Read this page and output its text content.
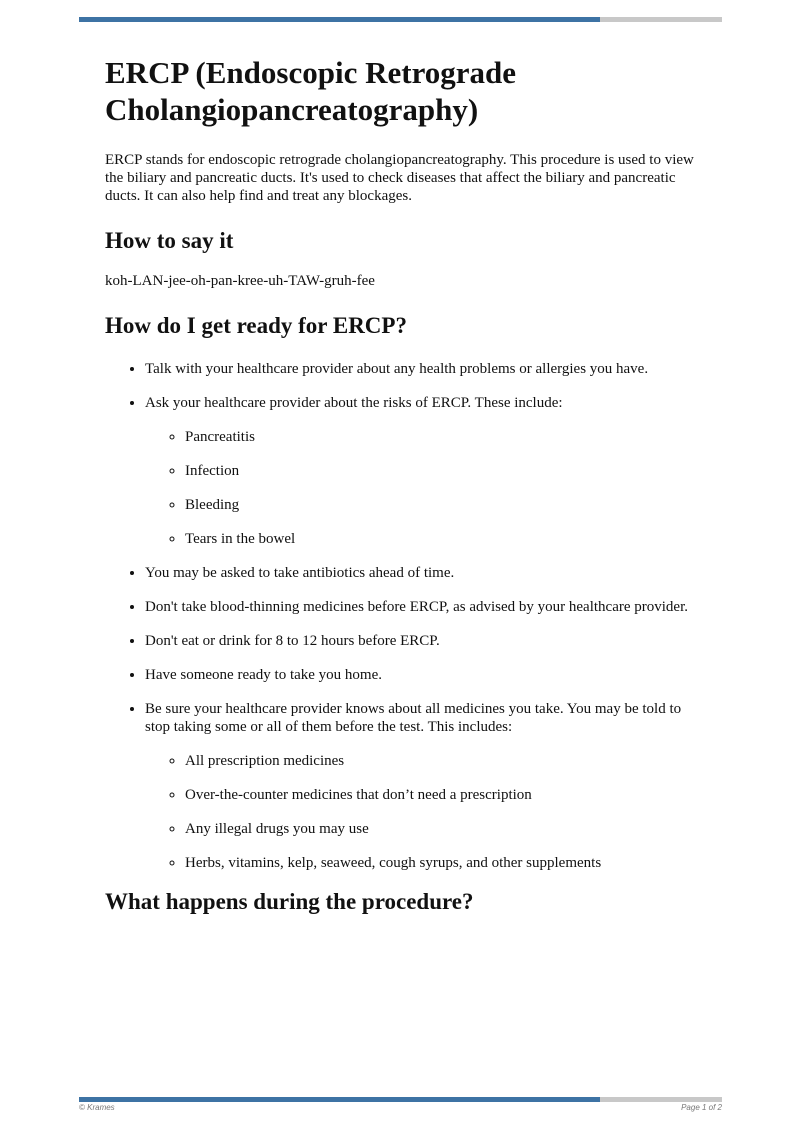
ERCP (Endoscopic Retrograde Cholangiopancreatography)

ERCP stands for endoscopic retrograde cholangiopancreatography. This procedure is used to view the biliary and pancreatic ducts. It's used to check diseases that affect the biliary and pancreatic ducts. It can also help find and treat any blockages.

How to say it

koh-LAN-jee-oh-pan-kree-uh-TAW-gruh-fee

How do I get ready for ERCP?
• Talk with your healthcare provider about any health problems or allergies you have.
• Ask your healthcare provider about the risks of ERCP. These include:
◦ Pancreatitis
◦ Infection
◦ Bleeding
◦ Tears in the bowel
• You may be asked to take antibiotics ahead of time.
• Don't take blood-thinning medicines before ERCP, as advised by your healthcare provider.
• Don't eat or drink for 8 to 12 hours before ERCP.
• Have someone ready to take you home.
• Be sure your healthcare provider knows about all medicines you take. You may be told to stop taking some or all of them before the test. This includes:
◦ All prescription medicines
◦ Over-the-counter medicines that don’t need a prescription
◦ Any illegal drugs you may use
◦ Herbs, vitamins, kelp, seaweed, cough syrups, and other supplements
What happens during the procedure?
© Krames	Page 1 of 2
